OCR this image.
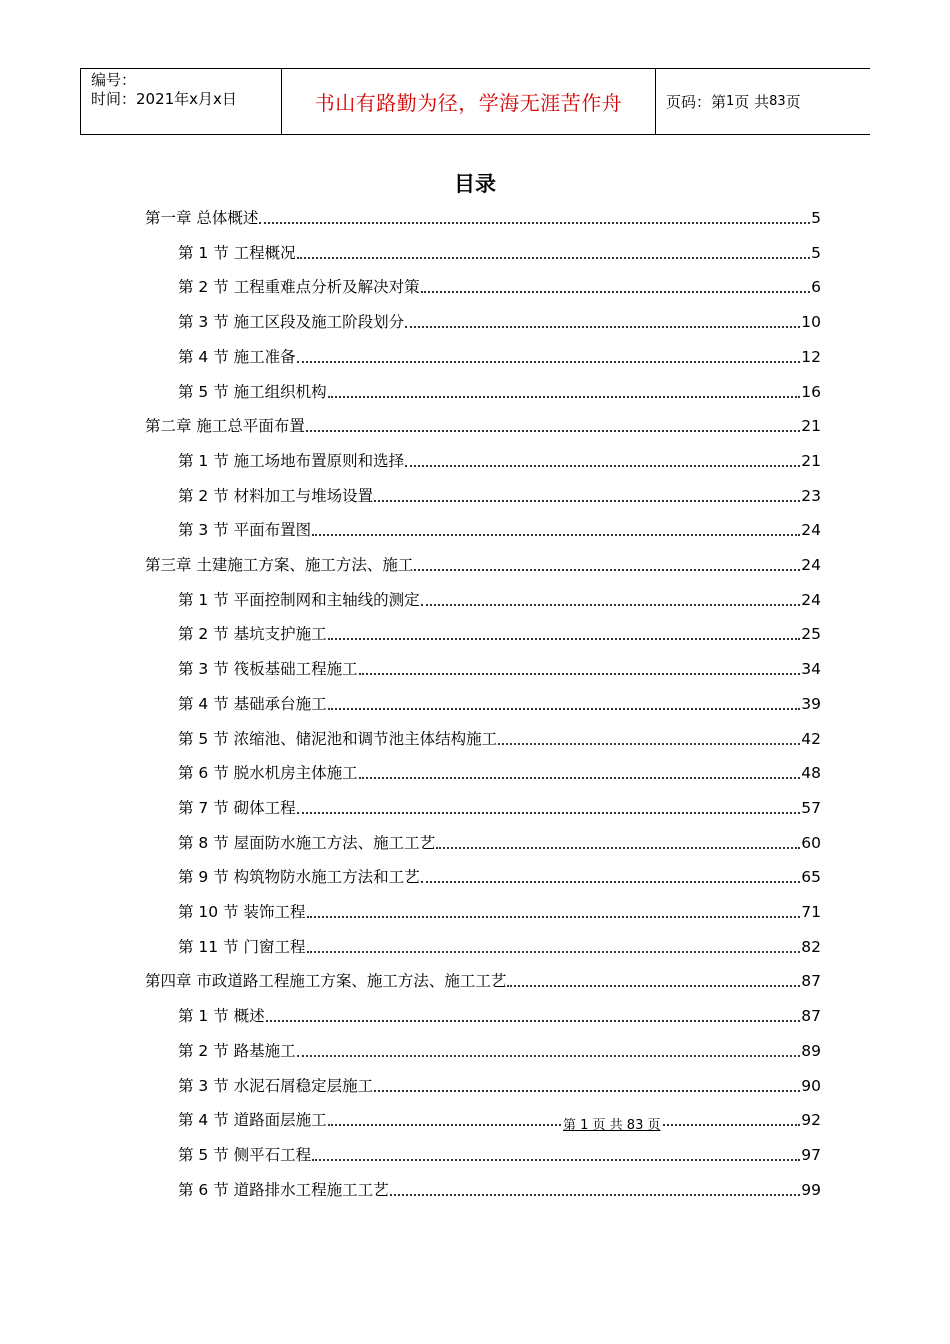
编号：
时间：2021年x月x日	书山有路勤为径，学海无涯苦作舟	页码：第 1 页 共 83 页
目录
第一章 总体概述	5
第 1 节 工程概况	5
第 2 节 工程重难点分析及解决对策	6
第 3 节 施工区段及施工阶段划分	10
第 4 节 施工准备	12
第 5 节 施工组织机构	16
第二章 施工总平面布置	21
第 1 节 施工场地布置原则和选择	21
第 2 节 材料加工与堆场设置	23
第 3 节 平面布置图	24
第三章 土建施工方案、施工方法、施工	24
第 1 节 平面控制网和主轴线的测定	24
第 2 节 基坑支护施工	25
第 3 节 筏板基础工程施工	34
第 4 节 基础承台施工	39
第 5 节 浓缩池、储泥池和调节池主体结构施工	42
第 6 节 脱水机房主体施工	48
第 7 节 砌体工程	57
第 8 节 屋面防水施工方法、施工工艺	60
第 9 节 构筑物防水施工方法和工艺	65
第 10 节 装饰工程	71
第 11 节 门窗工程	82
第四章 市政道路工程施工方案、施工方法、施工工艺	87
第 1 节 概述	87
第 2 节 路基施工	89
第 3 节 水泥石屑稳定层施工	90
第 4 节 道路面层施工	92
第 5 节 侧平石工程	97
第 6 节 道路排水工程施工工艺	99
第 1 页 共 83 页
